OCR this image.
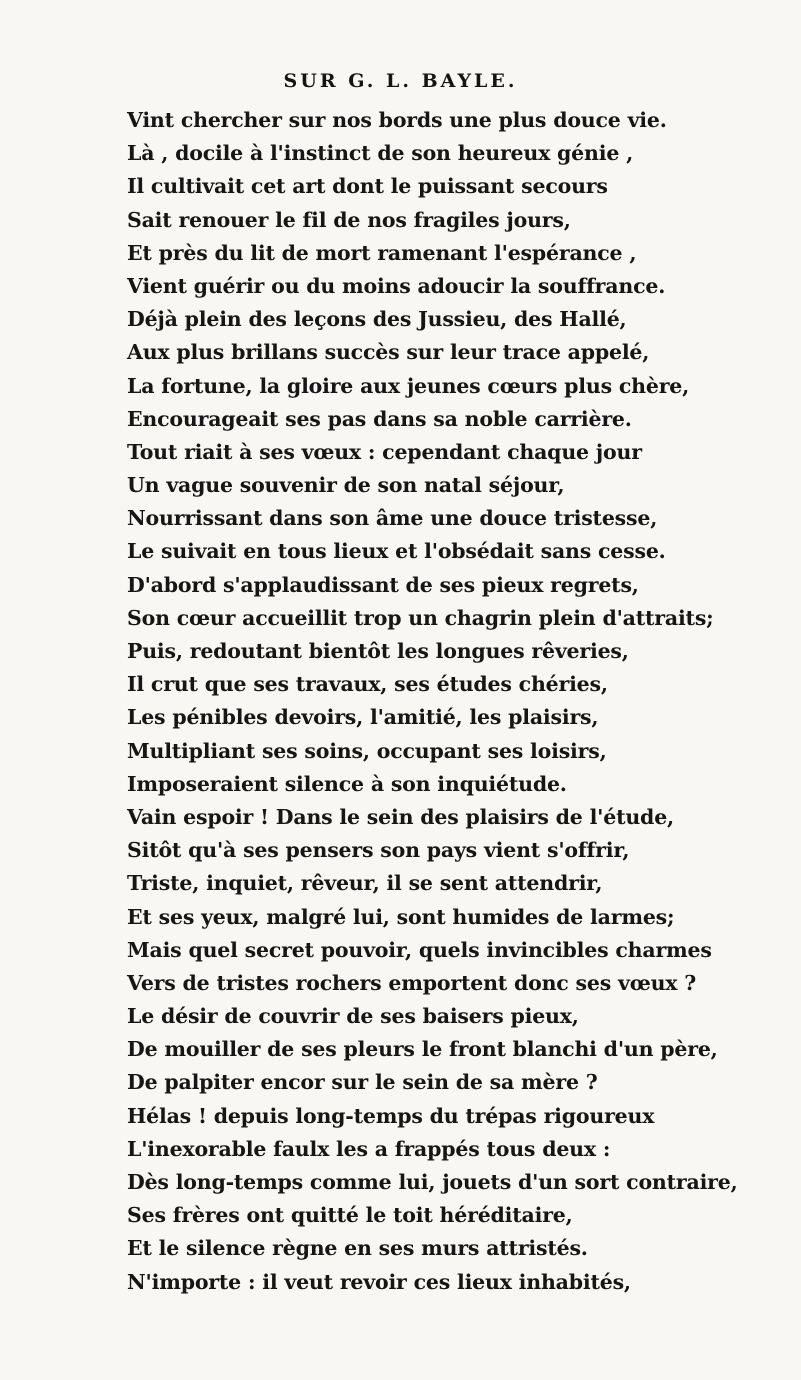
SUR G. L. BAYLE.
Vint chercher sur nos bords une plus douce vie.
Là , docile à l'instinct de son heureux génie ,
Il cultivait cet art dont le puissant secours
Sait renouer le fil de nos fragiles jours,
Et près du lit de mort ramenant l'espérance ,
Vient guérir ou du moins adoucir la souffrance.
Déjà plein des leçons des Jussieu, des Hallé,
Aux plus brillans succès sur leur trace appelé,
La fortune, la gloire aux jeunes cœurs plus chère,
Encourageait ses pas dans sa noble carrière.
Tout riait à ses vœux : cependant chaque jour
Un vague souvenir de son natal séjour,
Nourrissant dans son âme une douce tristesse,
Le suivait en tous lieux et l'obsédait sans cesse.
D'abord s'applaudissant de ses pieux regrets,
Son cœur accueillit trop un chagrin plein d'attraits;
Puis, redoutant bientôt les longues rêveries,
Il crut que ses travaux, ses études chéries,
Les pénibles devoirs, l'amitié, les plaisirs,
Multipliant ses soins, occupant ses loisirs,
Imposeraient silence à son inquiétude.
Vain espoir ! Dans le sein des plaisirs de l'étude,
Sitôt qu'à ses pensers son pays vient s'offrir,
Triste, inquiet, rêveur, il se sent attendrir,
Et ses yeux, malgré lui, sont humides de larmes;
Mais quel secret pouvoir, quels invincibles charmes
Vers de tristes rochers emportent donc ses vœux ?
Le désir de couvrir de ses baisers pieux,
De mouiller de ses pleurs le front blanchi d'un père,
De palpiter encor sur le sein de sa mère ?
Hélas ! depuis long-temps du trépas rigoureux
L'inexorable faulx les a frappés tous deux :
Dès long-temps comme lui, jouets d'un sort contraire,
Ses frères ont quitté le toit héréditaire,
Et le silence règne en ses murs attristés.
N'importe : il veut revoir ces lieux inhabités,
